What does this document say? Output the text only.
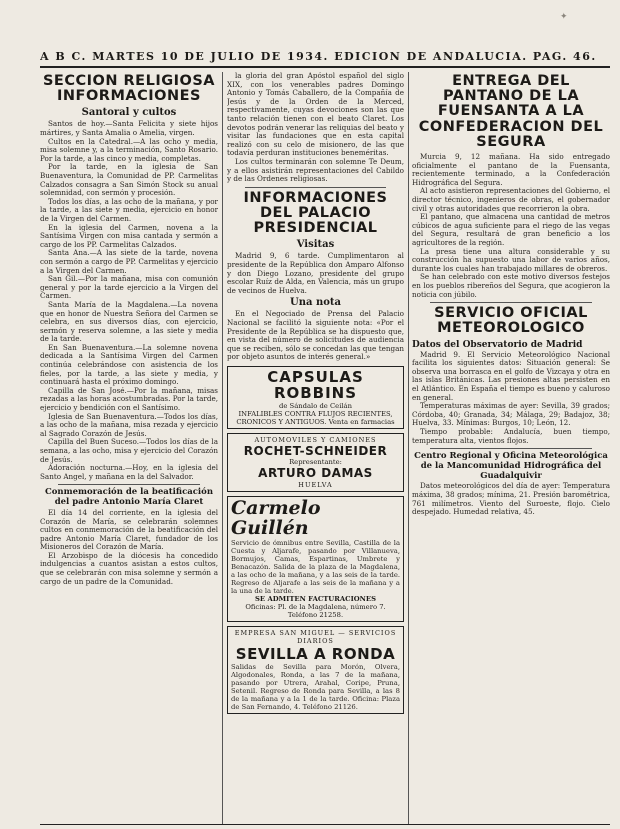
✦
A B C. MARTES 10 DE JULIO DE 1934. EDICION DE ANDALUCIA. PAG. 46.
SECCION RELIGIOSA INFORMACIONES
Santoral y cultos

Santos de hoy.—Santa Felicita y siete hijos mártires, y Santa Amalia o Amelia, virgen.

Cultos en la Catedral.—A las ocho y media, misa solemne y, a la terminación, Santo Rosario. Por la tarde, a las cinco y media, completas.

Por la tarde, en la iglesia de San Buenaventura, la Comunidad de PP. Carmelitas Calzados consagra a San Simón Stock su anual solemnidad, con sermón y procesión.

Todos los días, a las ocho de la mañana, y por la tarde, a las siete y media, ejercicio en honor de la Virgen del Carmen.

En la iglesia del Carmen, novena a la Santísima Virgen con misa cantada y sermón a cargo de los PP. Carmelitas Calzados.

Santa Ana.—A las siete de la tarde, novena con sermón a cargo de PP. Carmelitas y ejercicio a la Virgen del Carmen.

San Gil.—Por la mañana, misa con comunión general y por la tarde ejercicio a la Virgen del Carmen.

Santa María de la Magdalena.—La novena que en honor de Nuestra Señora del Carmen se celebra, en sus diversos días, con ejercicio, sermón y reserva solemne, a las siete y media de la tarde.

En San Buenaventura.—La solemne novena dedicada a la Santísima Virgen del Carmen continúa celebrándose con asistencia de los fieles, por la tarde, a las siete y media, y continuará hasta el próximo domingo.

Capilla de San José.—Por la mañana, misas rezadas a las horas acostumbradas. Por la tarde, ejercicio y bendición con el Santísimo.

Iglesia de San Buenaventura.—Todos los días, a las ocho de la mañana, misa rezada y ejercicio al Sagrado Corazón de Jesús.

Capilla del Buen Suceso.—Todos los días de la semana, a las ocho, misa y ejercicio del Corazón de Jesús.

Adoración nocturna.—Hoy, en la iglesia del Santo Angel, y mañana en la del Salvador.

Conmemoración de la beatificación del padre Antonio María Claret

El día 14 del corriente, en la iglesia del Corazón de María, se celebrarán solemnes cultos en conmemoración de la beatificación del padre Antonio María Claret, fundador de los Misioneros del Corazón de María.

El Arzobispo de la diócesis ha concedido indulgencias a cuantos asistan a estos cultos, que se celebrarán con misa solemne y sermón a cargo de un padre de la Comunidad.

la gloria del gran Apóstol español del siglo XIX, con los venerables padres Domingo Antonio y Tomás Caballero, de la Compañía de Jesús y de la Orden de la Merced, respectivamente, cuyas devociones son las que tanto relación tienen con el beato Claret. Los devotos podrán venerar las reliquias del beato y visitar las fundaciones que en esta capital realizó con su celo de misionero, de las que todavía perduran instituciones beneméritas.

Los cultos terminarán con solemne Te Deum, y a ellos asistirán representaciones del Cabildo y de las Ordenes religiosas.

INFORMACIONES DEL PALACIO PRESIDENCIAL
Visitas

Madrid 9, 6 tarde. Cumplimentaron al presidente de la República don Amparo Alfonso y don Diego Lozano, presidente del grupo escolar Ruíz de Alda, en Valencia, más un grupo de vecinos de Huelva.

Una nota

En el Negociado de Prensa del Palacio Nacional se facilitó la siguiente nota: «Por el Presidente de la República se ha dispuesto que, en vista del número de solicitudes de audiencia que se reciben, sólo se concedan las que tengan por objeto asuntos de interés general.»

CAPSULAS ROBBINS
de Sándalo de Ceilán
INFALIBLES CONTRA FLUJOS RECIENTES, CRONICOS Y ANTIGUOS. Venta en farmacias
AUTOMOVILES Y CAMIONES
ROCHET-SCHNEIDER
Representante:
ARTURO DAMAS
HUELVA
Carmelo Guillén

Servicio de ómnibus entre Sevilla, Castilla de la Cuesta y Aljarafe, pasando por Villanueva, Bormujos, Camas, Espartinas, Umbrete y Benacazón. Salida de la plaza de la Magdalena, a las ocho de la mañana, y a las seis de la tarde. Regreso de Aljarafe a las seis de la mañana y a la una de la tarde.

SE ADMITEN FACTURACIONES
Oficinas: Pl. de la Magdalena, número 7. Teléfono 21258.
EMPRESA SAN MIGUEL — SERVICIOS DIARIOS
SEVILLA A RONDA

Salidas de Sevilla para Morón, Olvera, Algodonales, Ronda, a las 7 de la mañana, pasando por Utrera, Arahal, Coripe, Pruna, Setenil. Regreso de Ronda para Sevilla, a las 8 de la mañana y a la 1 de la tarde. Oficina: Plaza de San Fernando, 4. Teléfono 21126.

ENTREGA DEL PANTANO DE LA FUENSANTA A LA CONFEDERACION DEL SEGURA

Murcia 9, 12 mañana. Ha sido entregado oficialmente el pantano de la Fuensanta, recientemente terminado, a la Confederación Hidrográfica del Segura.

Al acto asistieron representaciones del Gobierno, el director técnico, ingenieros de obras, el gobernador civil y otras autoridades que recorrieron la obra.

El pantano, que almacena una cantidad de metros cúbicos de agua suficiente para el riego de las vegas del Segura, resultará de gran beneficio a los agricultores de la región.

La presa tiene una altura considerable y su construcción ha supuesto una labor de varios años, durante los cuales han trabajado millares de obreros.

Se han celebrado con este motivo diversos festejos en los pueblos ribereños del Segura, que acogieron la noticia con júbilo.

SERVICIO OFICIAL METEOROLOGICO
Datos del Observatorio de Madrid

Madrid 9. El Servicio Meteorológico Nacional facilita los siguientes datos: Situación general: Se observa una borrasca en el golfo de Vizcaya y otra en las islas Británicas. Las presiones altas persisten en el Atlántico. En España el tiempo es bueno y caluroso en general.

Temperaturas máximas de ayer: Sevilla, 39 grados; Córdoba, 40; Granada, 34; Málaga, 29; Badajoz, 38; Huelva, 33. Mínimas: Burgos, 10; León, 12.

Tiempo probable: Andalucía, buen tiempo, temperatura alta, vientos flojos.

Centro Regional y Oficina Meteorológica de la Mancomunidad Hidrográfica del Guadalquivir

Datos meteorológicos del día de ayer: Temperatura máxima, 38 grados; mínima, 21. Presión barométrica, 761 milímetros. Viento del Suroeste, flojo. Cielo despejado. Humedad relativa, 45.
